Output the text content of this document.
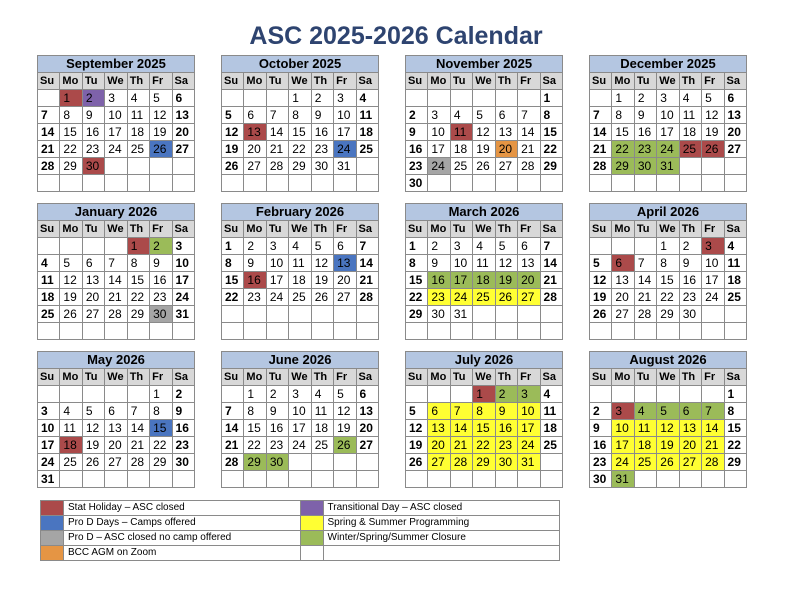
ASC 2025-2026 Calendar
September 2025						
Su	Mo	Tu	We	Th	Fr	Sa
	1	2	3	4	5	6
7	8	9	10	11	12	13
14	15	16	17	18	19	20
21	22	23	24	25	26	27
28	29	30				

October 2025						
Su	Mo	Tu	We	Th	Fr	Sa
			1	2	3	4
5	6	7	8	9	10	11
12	13	14	15	16	17	18
19	20	21	22	23	24	25
26	27	28	29	30	31	

November 2025						
Su	Mo	Tu	We	Th	Fr	Sa
						1
2	3	4	5	6	7	8
9	10	11	12	13	14	15
16	17	18	19	20	21	22
23	24	25	26	27	28	29
30						
December 2025						
Su	Mo	Tu	We	Th	Fr	Sa
	1	2	3	4	5	6
7	8	9	10	11	12	13
14	15	16	17	18	19	20
21	22	23	24	25	26	27
28	29	30	31			

January 2026						
Su	Mo	Tu	We	Th	Fr	Sa
				1	2	3
4	5	6	7	8	9	10
11	12	13	14	15	16	17
18	19	20	21	22	23	24
25	26	27	28	29	30	31

February 2026						
Su	Mo	Tu	We	Th	Fr	Sa
1	2	3	4	5	6	7
8	9	10	11	12	13	14
15	16	17	18	19	20	21
22	23	24	25	26	27	28

March 2026						
Su	Mo	Tu	We	Th	Fr	Sa
1	2	3	4	5	6	7
8	9	10	11	12	13	14
15	16	17	18	19	20	21
22	23	24	25	26	27	28
29	30	31				

April 2026						
Su	Mo	Tu	We	Th	Fr	Sa
			1	2	3	4
5	6	7	8	9	10	11
12	13	14	15	16	17	18
19	20	21	22	23	24	25
26	27	28	29	30		

May 2026						
Su	Mo	Tu	We	Th	Fr	Sa
					1	2
3	4	5	6	7	8	9
10	11	12	13	14	15	16
17	18	19	20	21	22	23
24	25	26	27	28	29	30
31						
June 2026						
Su	Mo	Tu	We	Th	Fr	Sa
	1	2	3	4	5	6
7	8	9	10	11	12	13
14	15	16	17	18	19	20
21	22	23	24	25	26	27
28	29	30				

July 2026						
Su	Mo	Tu	We	Th	Fr	Sa
			1	2	3	4
5	6	7	8	9	10	11
12	13	14	15	16	17	18
19	20	21	22	23	24	25
26	27	28	29	30	31	

August 2026						
Su	Mo	Tu	We	Th	Fr	Sa
						1
2	3	4	5	6	7	8
9	10	11	12	13	14	15
16	17	18	19	20	21	22
23	24	25	26	27	28	29
30	31					
	Stat Holiday – ASC closed		Transitional Day – ASC closed
	Pro D Days – Camps offered		Spring & Summer Programming
	Pro D – ASC closed no camp offered		Winter/Spring/Summer Closure
	BCC AGM on Zoom		
